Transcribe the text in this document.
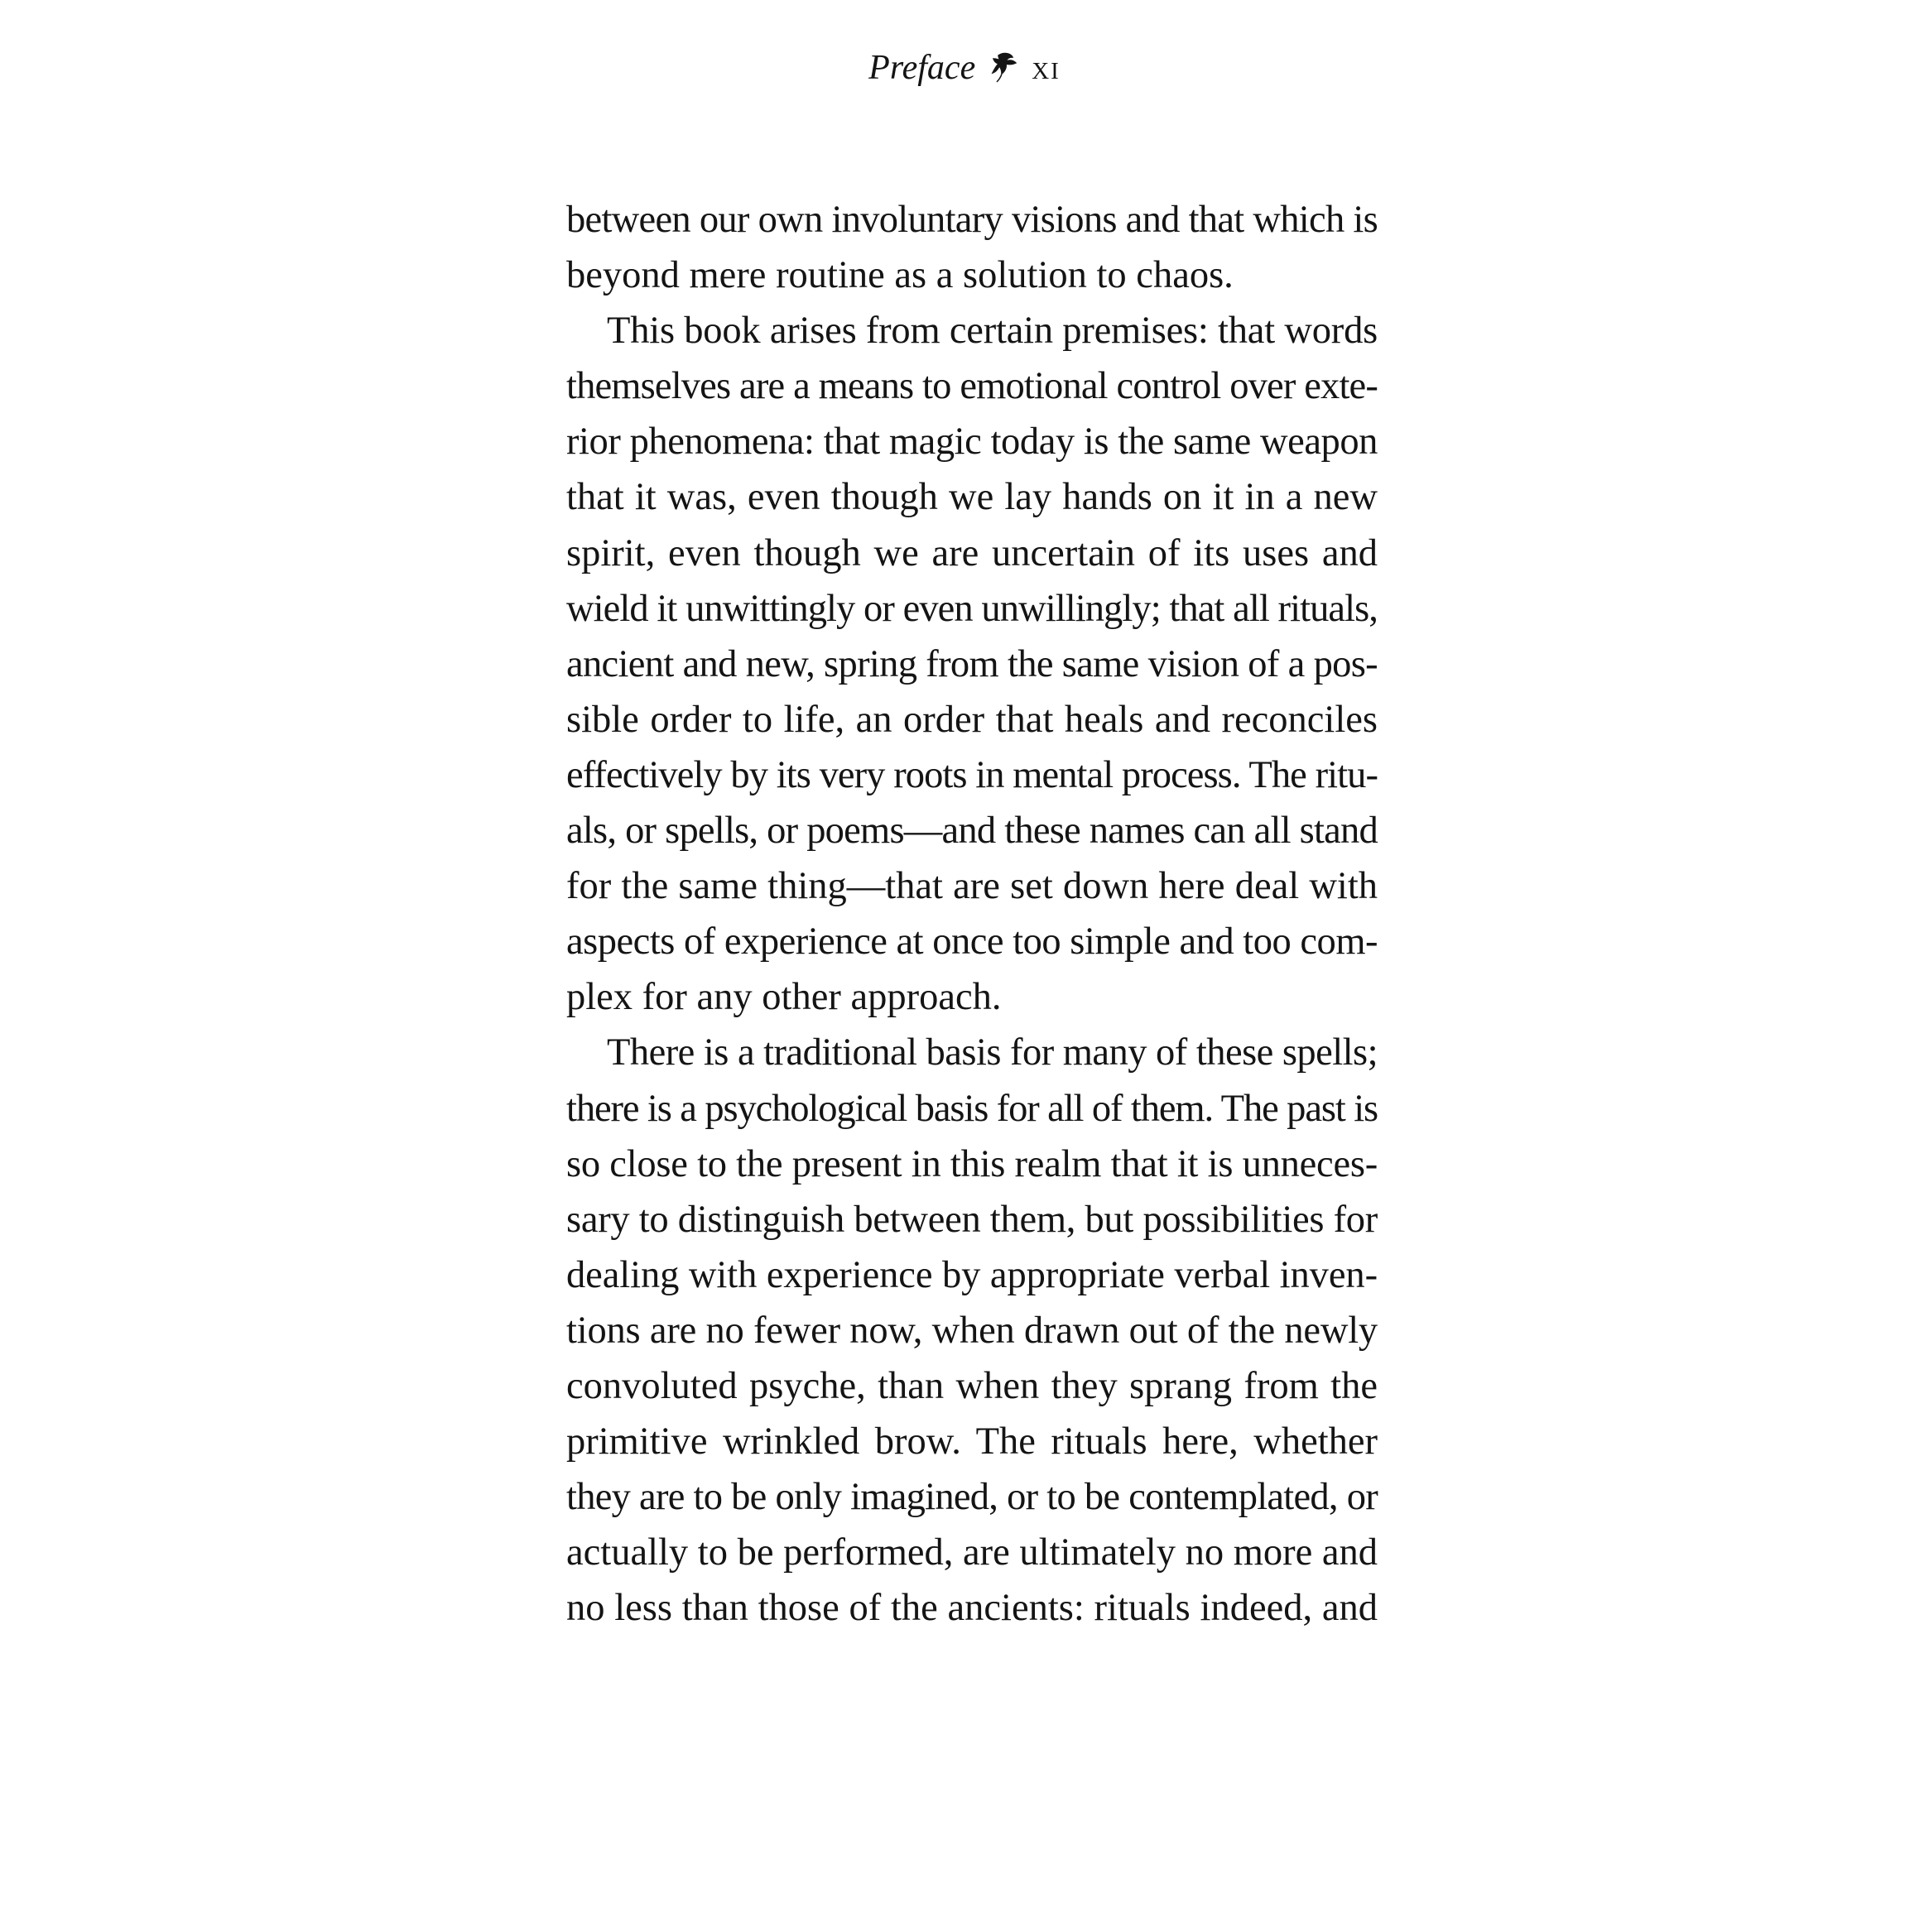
Preface xi
between our own involuntary visions and that which is
beyond mere routine as a solution to chaos.
This book arises from certain premises: that words
themselves are a means to emotional control over exte-
rior phenomena: that magic today is the same weapon
that it was, even though we lay hands on it in a new
spirit, even though we are uncertain of its uses and
wield it unwittingly or even unwillingly; that all rituals,
ancient and new, spring from the same vision of a pos-
sible order to life, an order that heals and reconciles
effectively by its very roots in mental process. The ritu-
als, or spells, or poems—and these names can all stand
for the same thing—that are set down here deal with
aspects of experience at once too simple and too com-
plex for any other approach.
There is a traditional basis for many of these spells;
there is a psychological basis for all of them. The past is
so close to the present in this realm that it is unneces-
sary to distinguish between them, but possibilities for
dealing with experience by appropriate verbal inven-
tions are no fewer now, when drawn out of the newly
convoluted psyche, than when they sprang from the
primitive wrinkled brow. The rituals here, whether
they are to be only imagined, or to be contemplated, or
actually to be performed, are ultimately no more and
no less than those of the ancients: rituals indeed, and
